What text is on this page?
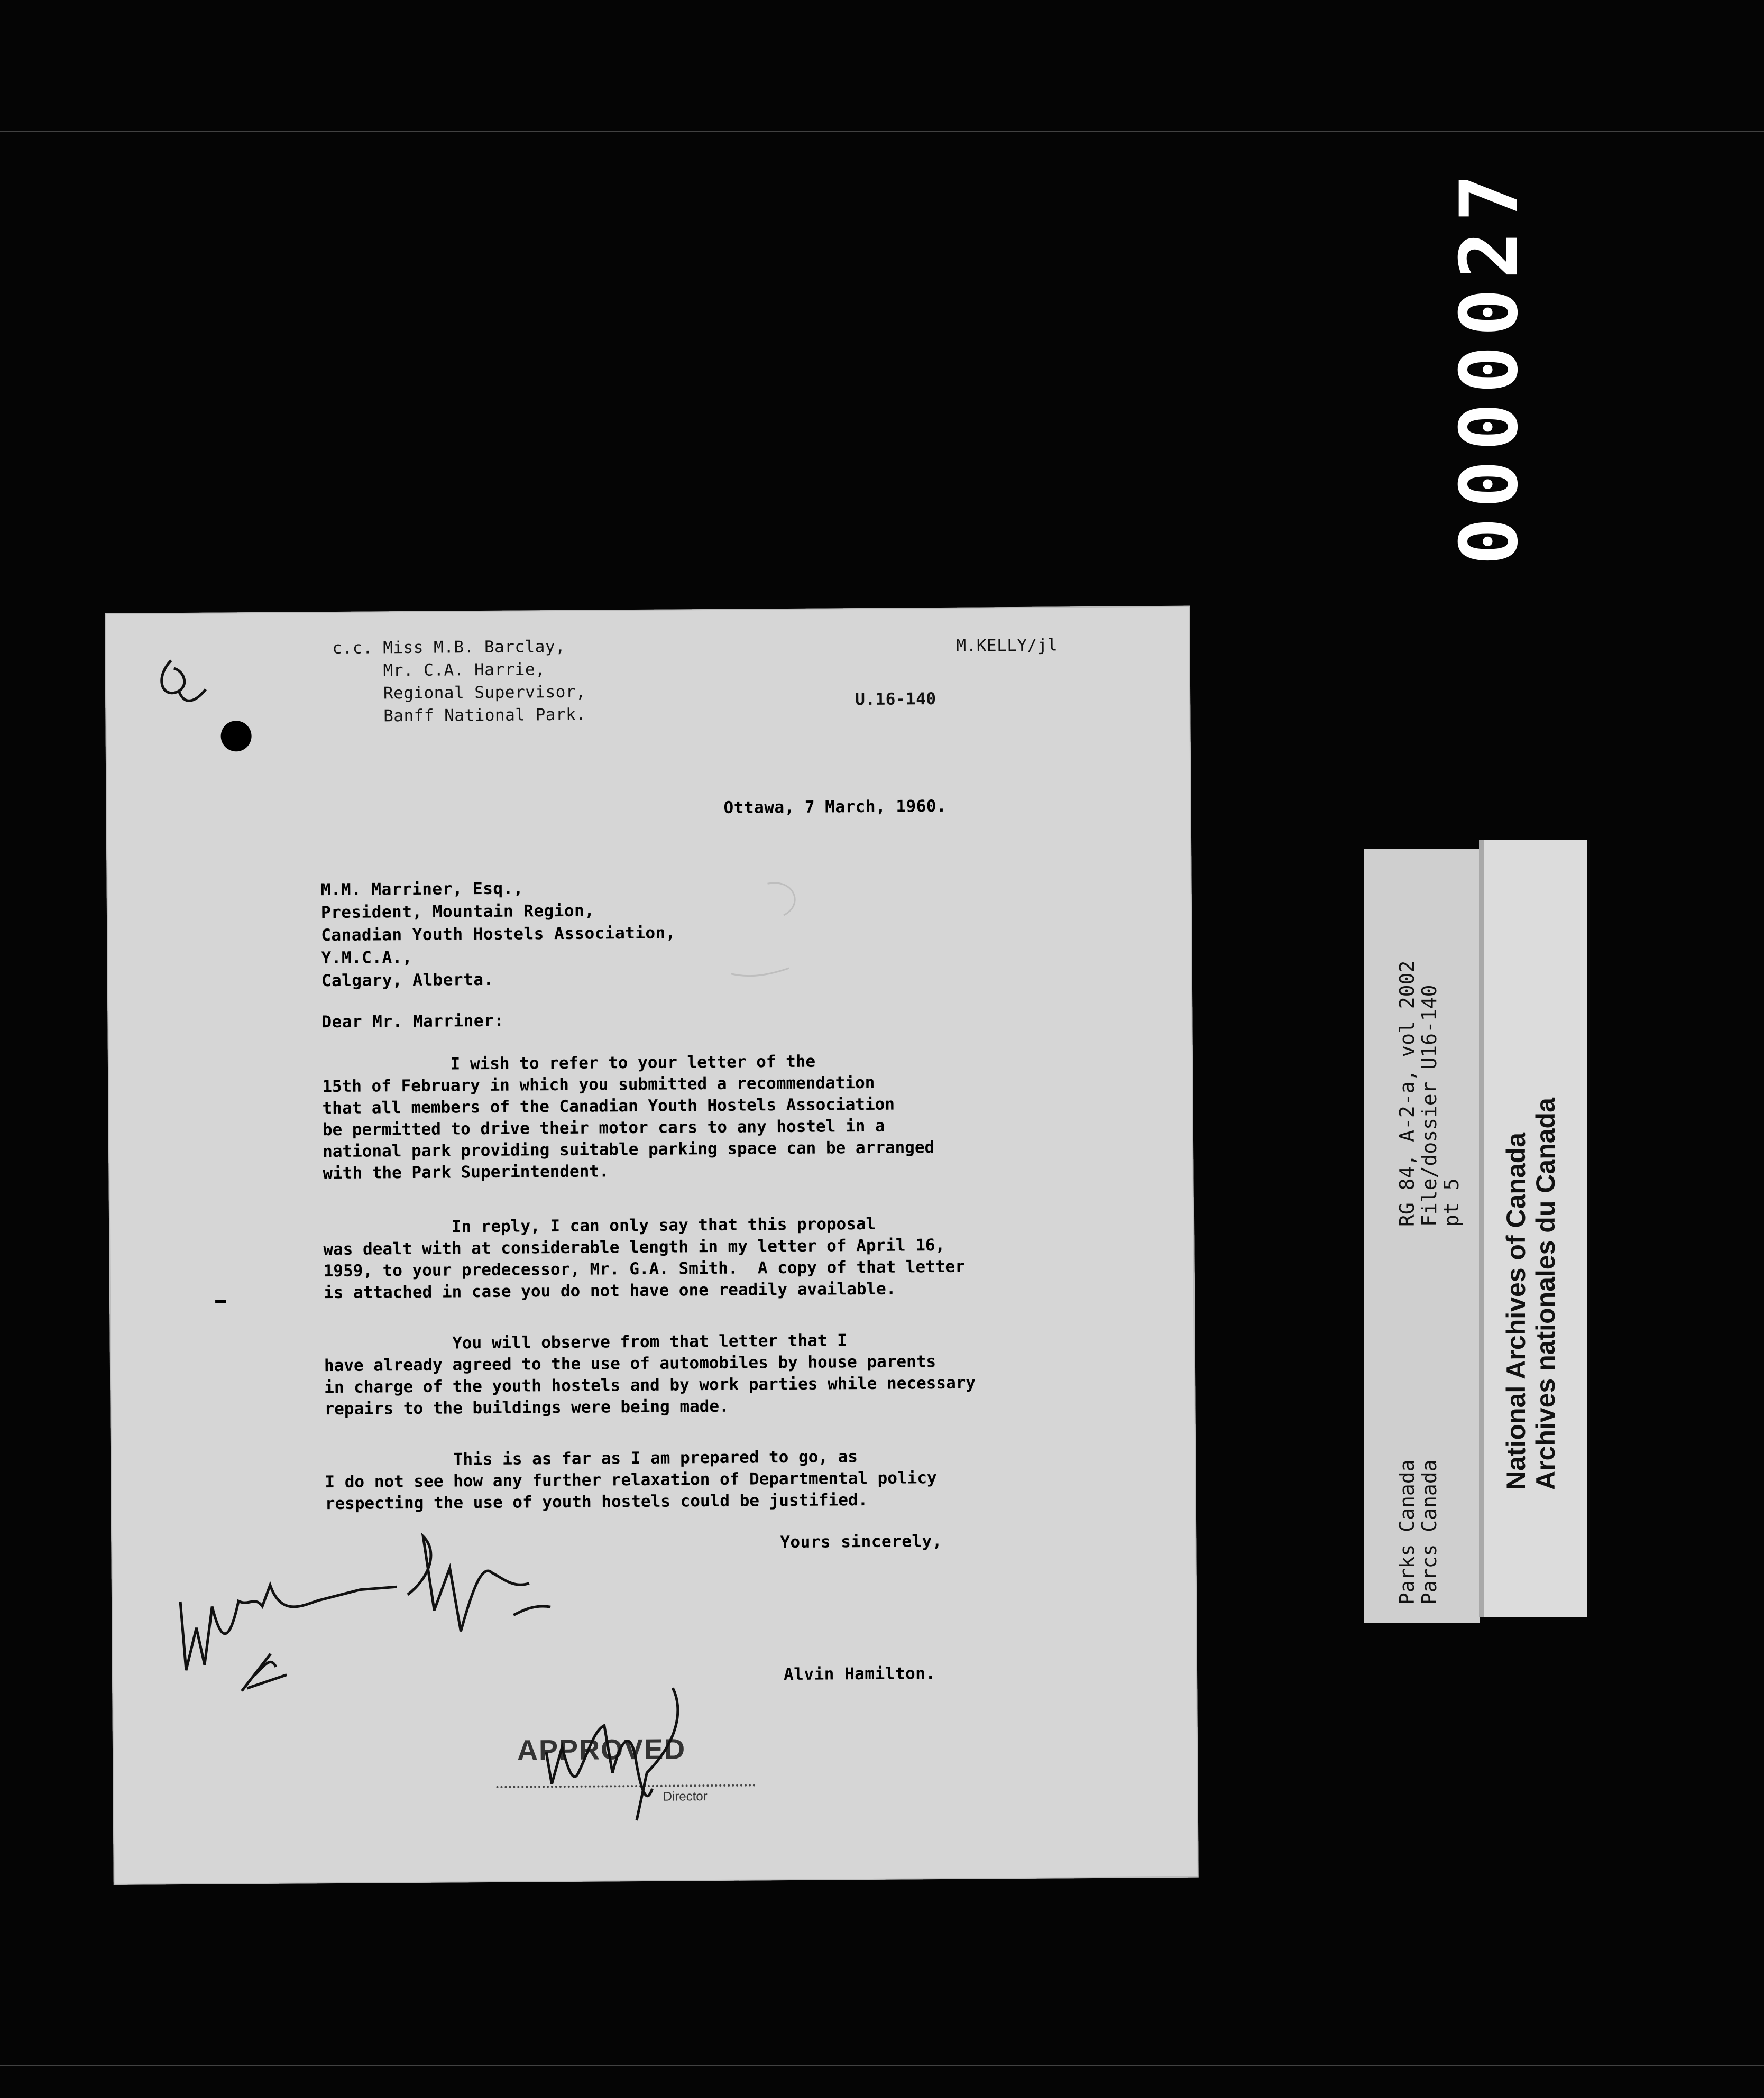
0000027
c.c. Miss M.B. Barclay,
Mr. C.A. Harrie,
Regional Supervisor,
Banff National Park.
M.KELLY/jl
U.16-140
Ottawa, 7 March, 1960.
M.M. Marriner, Esq.,
President, Mountain Region,
Canadian Youth Hostels Association,
Y.M.C.A.,
Calgary, Alberta.
Dear Mr. Marriner:
I wish to refer to your letter of the
15th of February in which you submitted a recommendation
that all members of the Canadian Youth Hostels Association
be permitted to drive their motor cars to any hostel in a
national park providing suitable parking space can be arranged
with the Park Superintendent.
In reply, I can only say that this proposal
was dealt with at considerable length in my letter of April 16,
1959, to your predecessor, Mr. G.A. Smith.  A copy of that letter
is attached in case you do not have one readily available.
You will observe from that letter that I
have already agreed to the use of automobiles by house parents
in charge of the youth hostels and by work parties while necessary
repairs to the buildings were being made.
This is as far as I am prepared to go, as
I do not see how any further relaxation of Departmental policy
respecting the use of youth hostels could be justified.
Yours sincerely,
Alvin Hamilton.
APPROVED
Director
RG 84, A-2-a, vol 2002
File/dossier U16-140
pt 5
Parks Canada
Parcs Canada
National Archives of Canada
Archives nationales du Canada
